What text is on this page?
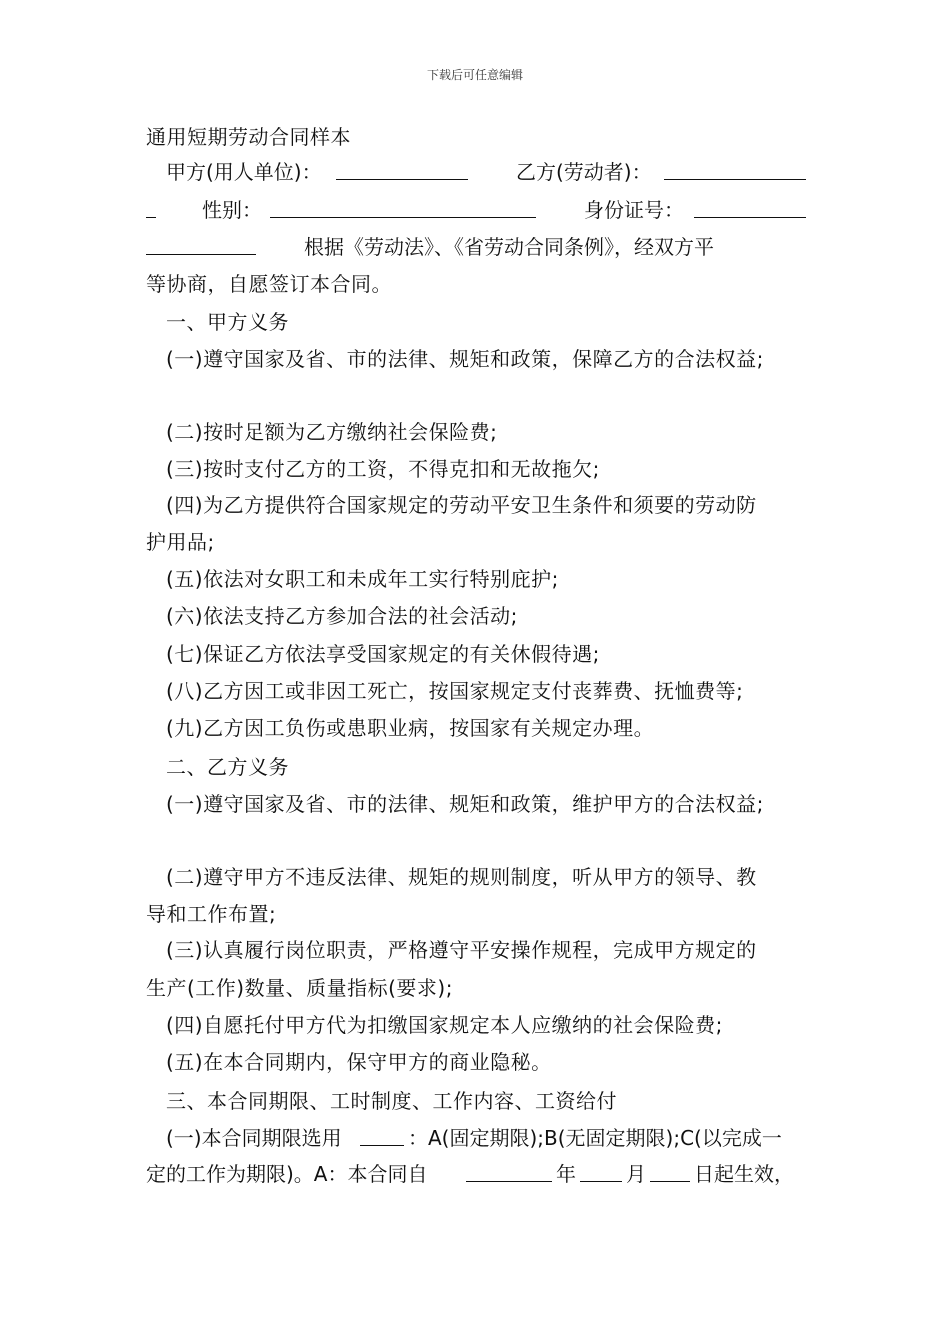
下载后可任意编辑
通用短期劳动合同样本
甲方(用人单位)：	乙方(劳动者)：
性别：	身份证号：
根据《劳动法》、《省劳动合同条例》，经双方平
等协商，自愿签订本合同。
一、甲方义务
(一)遵守国家及省、市的法律、规矩和政策，保障乙方的合法权益;
(二)按时足额为乙方缴纳社会保险费;
(三)按时支付乙方的工资，不得克扣和无故拖欠;
(四)为乙方提供符合国家规定的劳动平安卫生条件和须要的劳动防
护用品;
(五)依法对女职工和未成年工实行特别庇护;
(六)依法支持乙方参加合法的社会活动;
(七)保证乙方依法享受国家规定的有关休假待遇;
(八)乙方因工或非因工死亡，按国家规定支付丧葬费、抚恤费等;
(九)乙方因工负伤或患职业病，按国家有关规定办理。
二、乙方义务
(一)遵守国家及省、市的法律、规矩和政策，维护甲方的合法权益;
(二)遵守甲方不违反法律、规矩的规则制度，听从甲方的领导、教
导和工作布置;
(三)认真履行岗位职责，严格遵守平安操作规程，完成甲方规定的
生产(工作)数量、质量指标(要求);
(四)自愿托付甲方代为扣缴国家规定本人应缴纳的社会保险费;
(五)在本合同期内，保守甲方的商业隐秘。
三、本合同期限、工时制度、工作内容、工资给付
(一)本合同期限选用	：A(固定期限);B(无固定期限);C(以完成一
定的工作为期限)。A：本合同自	年	月 日起生效，
